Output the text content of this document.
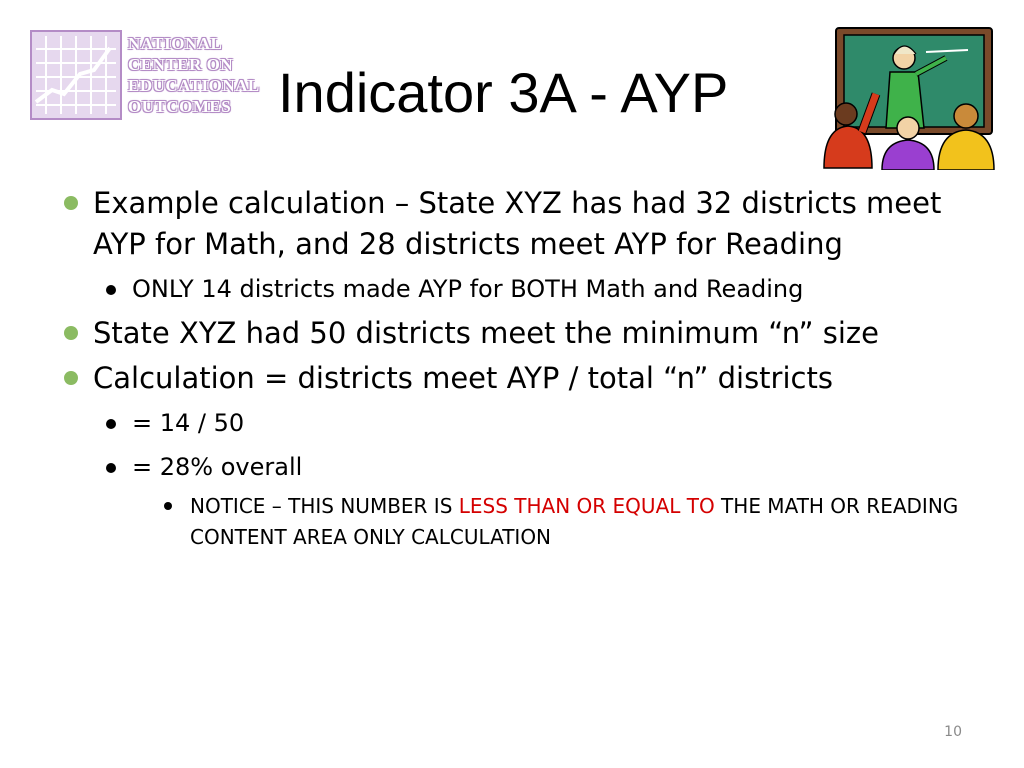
NATIONAL
CENTER ON
EDUCATIONAL
OUTCOMES Indicator 3A - AYP
Example calculation – State XYZ has had 32 districts meet AYP for Math, and 28 districts meet AYP for Reading
ONLY 14 districts made AYP for BOTH Math and Reading
State XYZ had 50 districts meet the minimum “n” size
Calculation = districts meet AYP / total “n” districts
= 14 / 50
= 28% overall
NOTICE – THIS NUMBER IS LESS THAN OR EQUAL TO THE MATH OR READING CONTENT AREA ONLY CALCULATION
10
